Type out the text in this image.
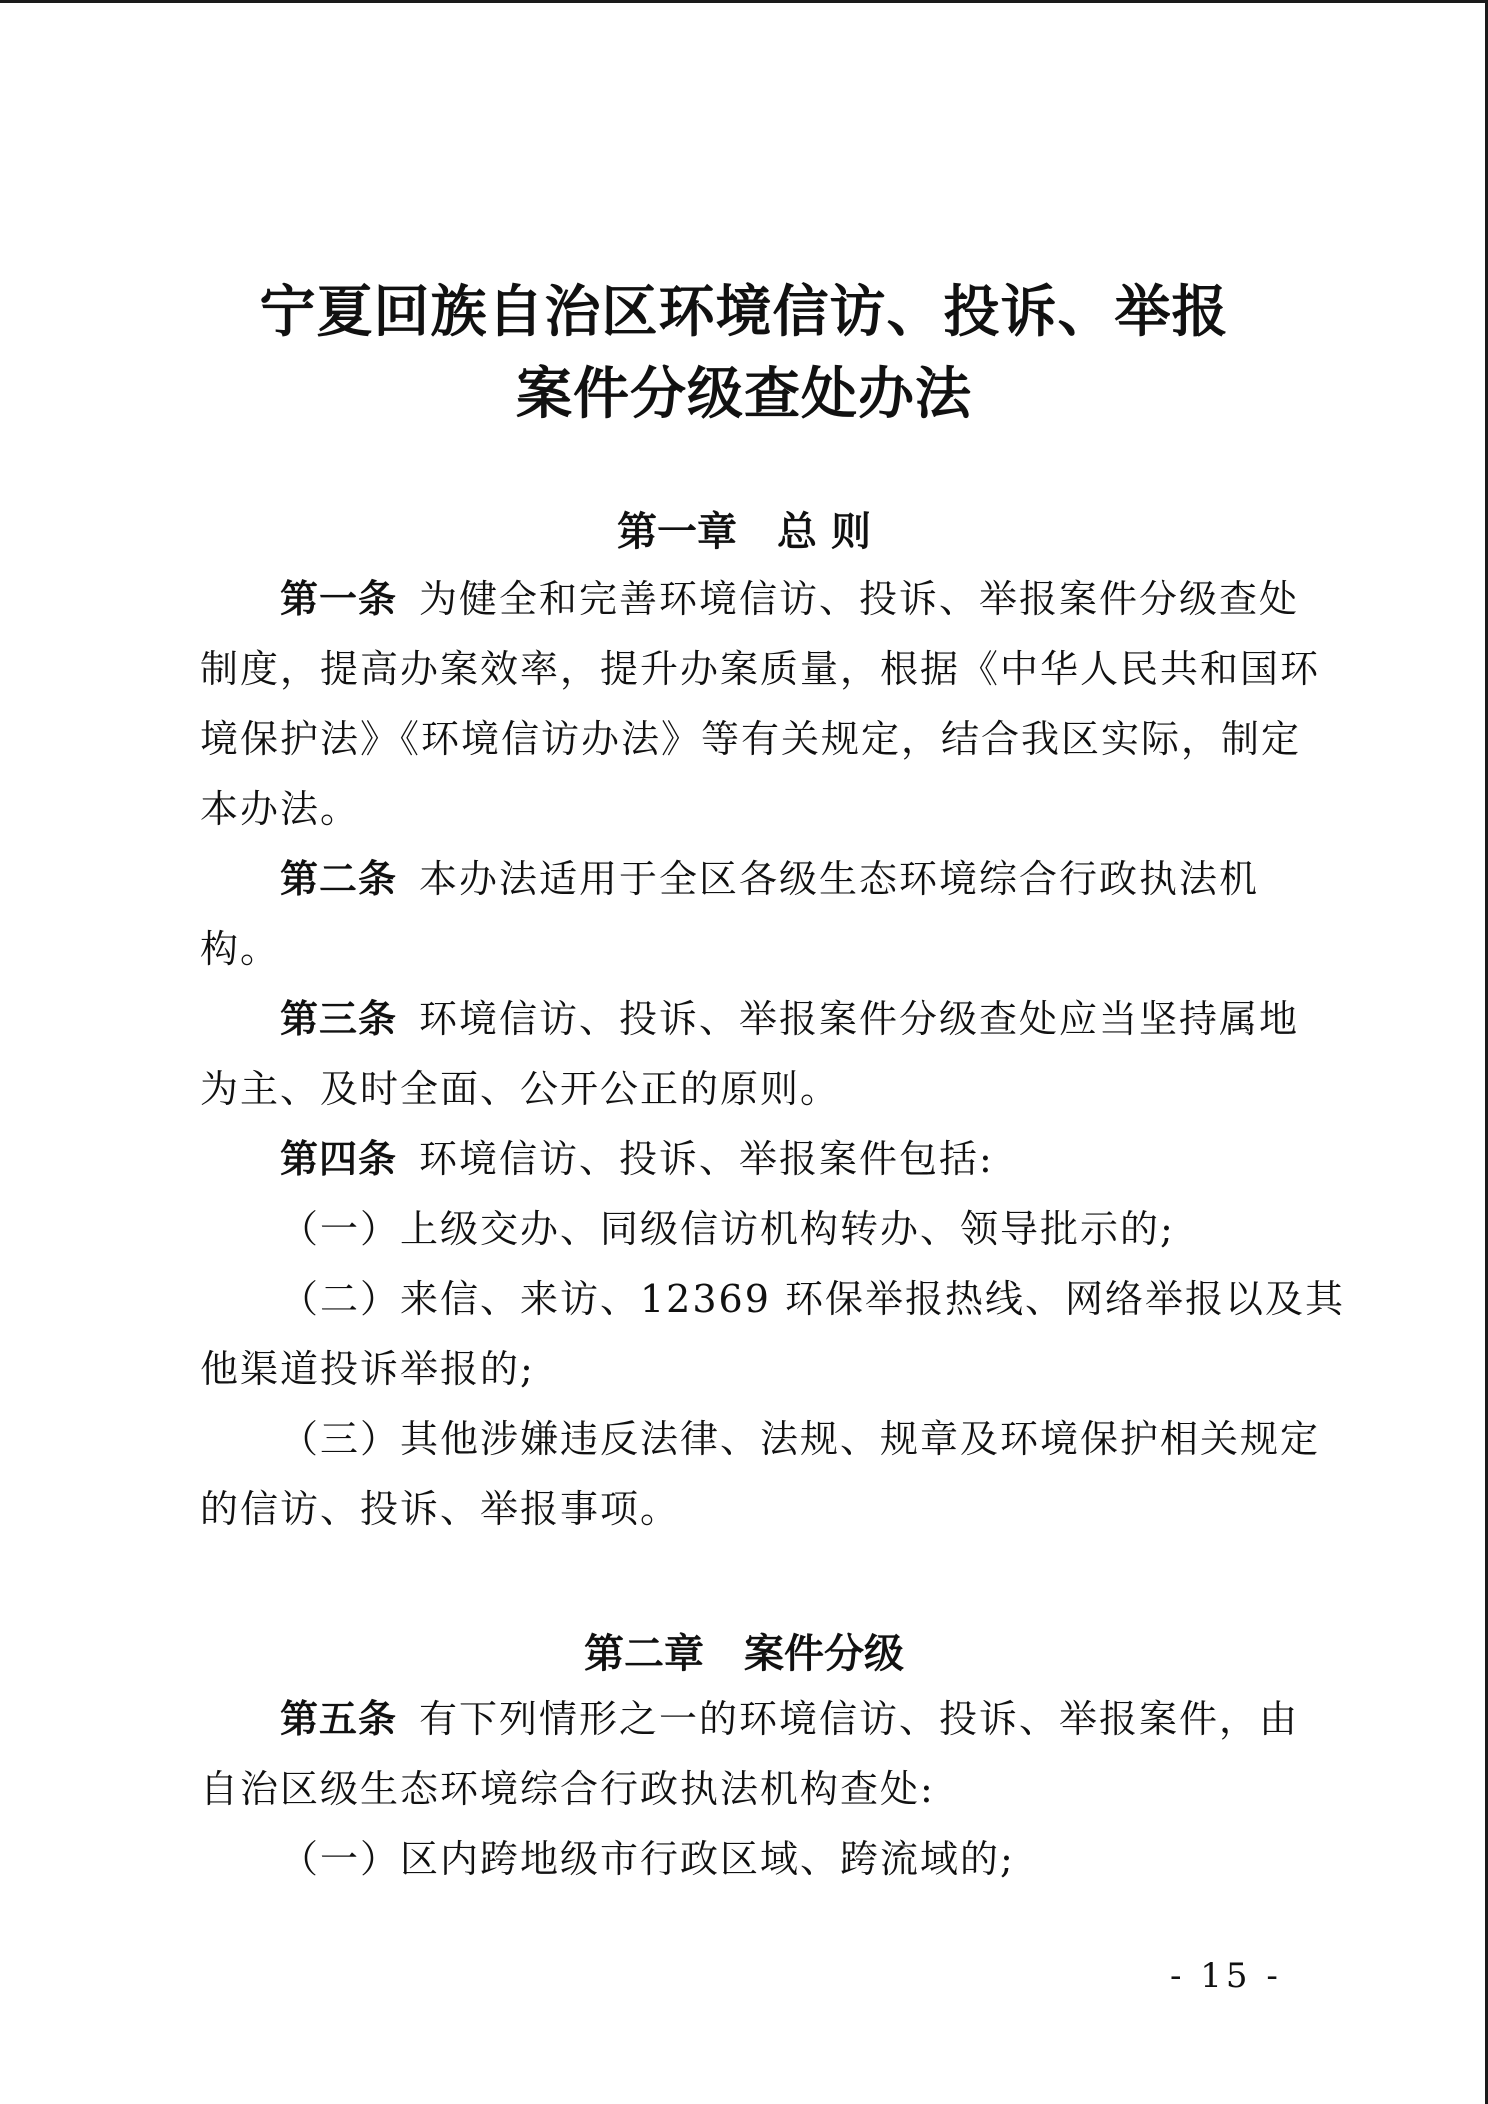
宁夏回族自治区环境信访、投诉、举报
案件分级查处办法
第一章　总 则
第一条 为健全和完善环境信访、投诉、举报案件分级查处
制度，提高办案效率，提升办案质量，根据《中华人民共和国环
境保护法》《环境信访办法》等有关规定，结合我区实际，制定
本办法。
第二条 本办法适用于全区各级生态环境综合行政执法机
构。
第三条 环境信访、投诉、举报案件分级查处应当坚持属地
为主、及时全面、公开公正的原则。
第四条 环境信访、投诉、举报案件包括:
（一）上级交办、同级信访机构转办、领导批示的;
（二）来信、来访、12369 环保举报热线、网络举报以及其
他渠道投诉举报的;
（三）其他涉嫌违反法律、法规、规章及环境保护相关规定
的信访、投诉、举报事项。
第二章　案件分级
第五条 有下列情形之一的环境信访、投诉、举报案件，由
自治区级生态环境综合行政执法机构查处:
（一）区内跨地级市行政区域、跨流域的;
- 15 -
